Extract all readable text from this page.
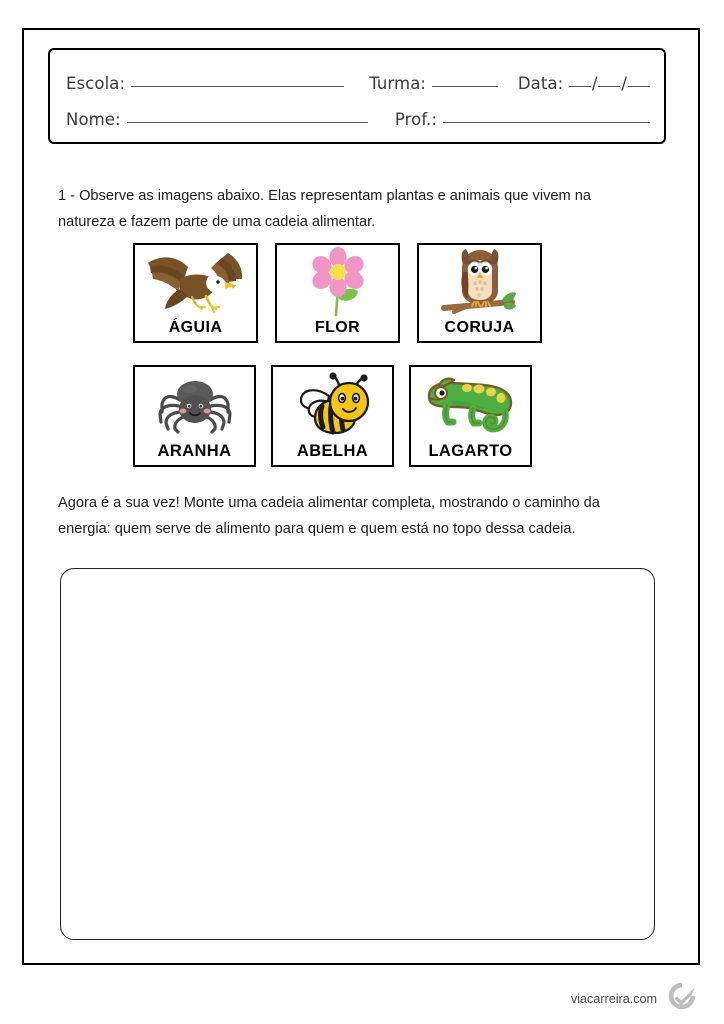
Escola:	Turma:	Data: / /
Nome:	Prof.:
1 - Observe as imagens abaixo. Elas representam plantas e animais que vivem na natureza e fazem parte de uma cadeia alimentar.
ÁGUIA	FLOR	CORUJA
ARANHA	ABELHA	LAGARTO
Agora é a sua vez! Monte uma cadeia alimentar completa, mostrando o caminho da energia: quem serve de alimento para quem e quem está no topo dessa cadeia.
viacarreira.com
